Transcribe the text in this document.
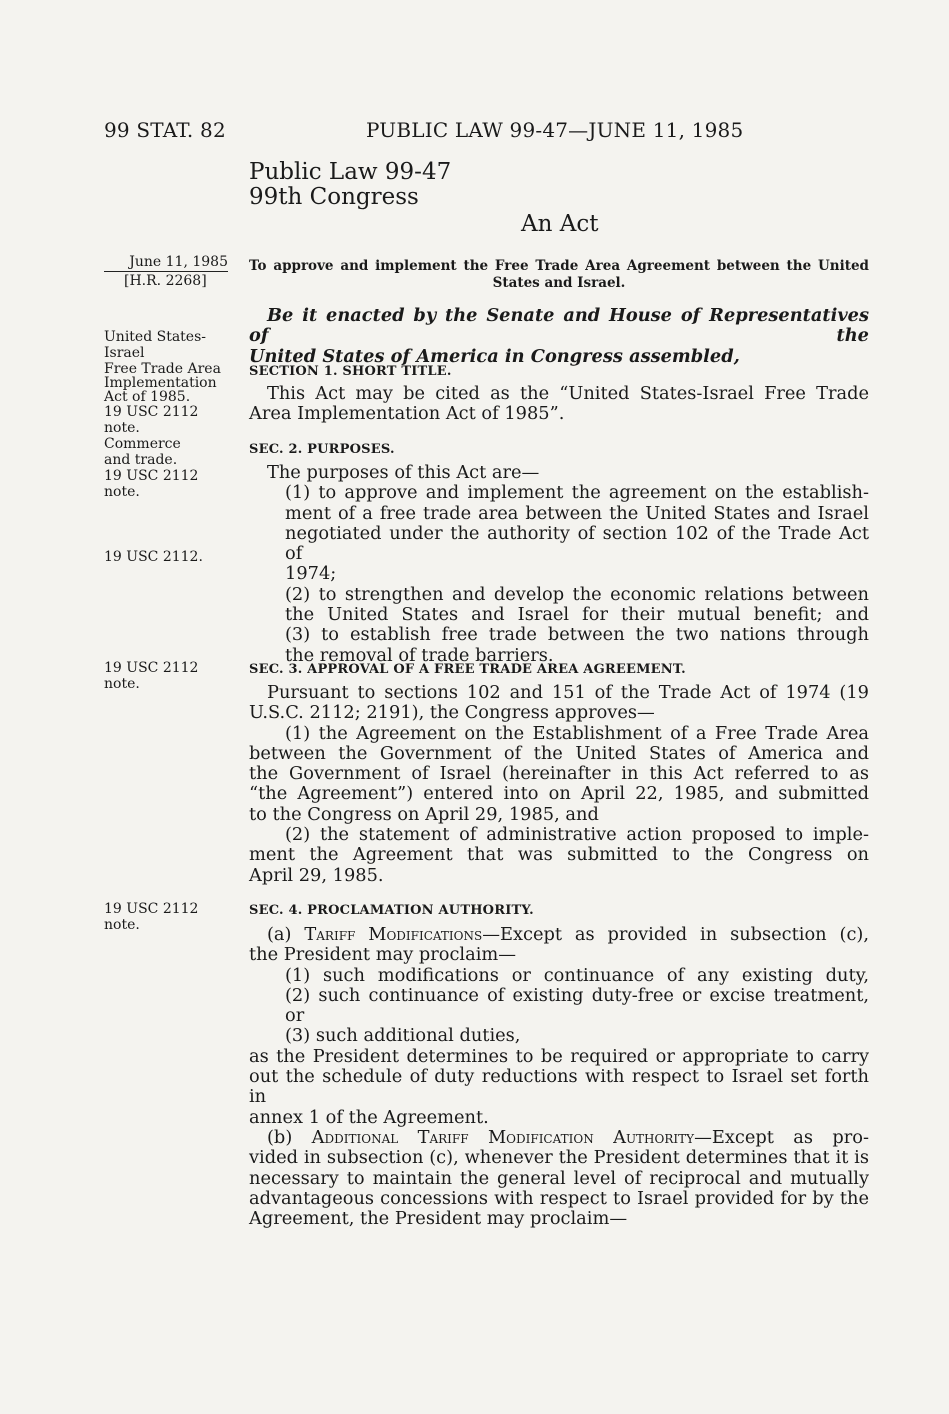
99 STAT. 82	PUBLIC LAW 99-47—JUNE 11, 1985
Public Law 99-47
99th Congress
An Act
June 11, 1985
[H.R. 2268]
United States-
Israel
Free Trade Area
Implementation
Act of 1985.
19 USC 2112
note.
Commerce
and trade.
19 USC 2112
note.
19 USC 2112.
19 USC 2112
note.
19 USC 2112
note.
To approve and implement the Free Trade Area Agreement between the United
States and Israel.
Be it enacted by the Senate and House of Representatives of the
United States of America in Congress assembled,
SECTION 1. SHORT TITLE.
This Act may be cited as the “United States-Israel Free Trade
Area Implementation Act of 1985”.
SEC. 2. PURPOSES.
The purposes of this Act are—
(1) to approve and implement the agreement on the establish-
ment of a free trade area between the United States and Israel
negotiated under the authority of section 102 of the Trade Act of
1974;
(2) to strengthen and develop the economic relations between
the United States and Israel for their mutual benefit; and
(3) to establish free trade between the two nations through
the removal of trade barriers.
SEC. 3. APPROVAL OF A FREE TRADE AREA AGREEMENT.
Pursuant to sections 102 and 151 of the Trade Act of 1974 (19
U.S.C. 2112; 2191), the Congress approves—
(1) the Agreement on the Establishment of a Free Trade Area
between the Government of the United States of America and
the Government of Israel (hereinafter in this Act referred to as
“the Agreement”) entered into on April 22, 1985, and submitted
to the Congress on April 29, 1985, and
(2) the statement of administrative action proposed to imple-
ment the Agreement that was submitted to the Congress on
April 29, 1985.
SEC. 4. PROCLAMATION AUTHORITY.
(a) Tariff Modifications—Except as provided in subsection (c),
the President may proclaim—
(1) such modifications or continuance of any existing duty,
(2) such continuance of existing duty-free or excise treatment,
or
(3) such additional duties,
as the President determines to be required or appropriate to carry
out the schedule of duty reductions with respect to Israel set forth in
annex 1 of the Agreement.
(b) Additional Tariff Modification Authority—Except as pro-
vided in subsection (c), whenever the President determines that it is
necessary to maintain the general level of reciprocal and mutually
advantageous concessions with respect to Israel provided for by the
Agreement, the President may proclaim—
